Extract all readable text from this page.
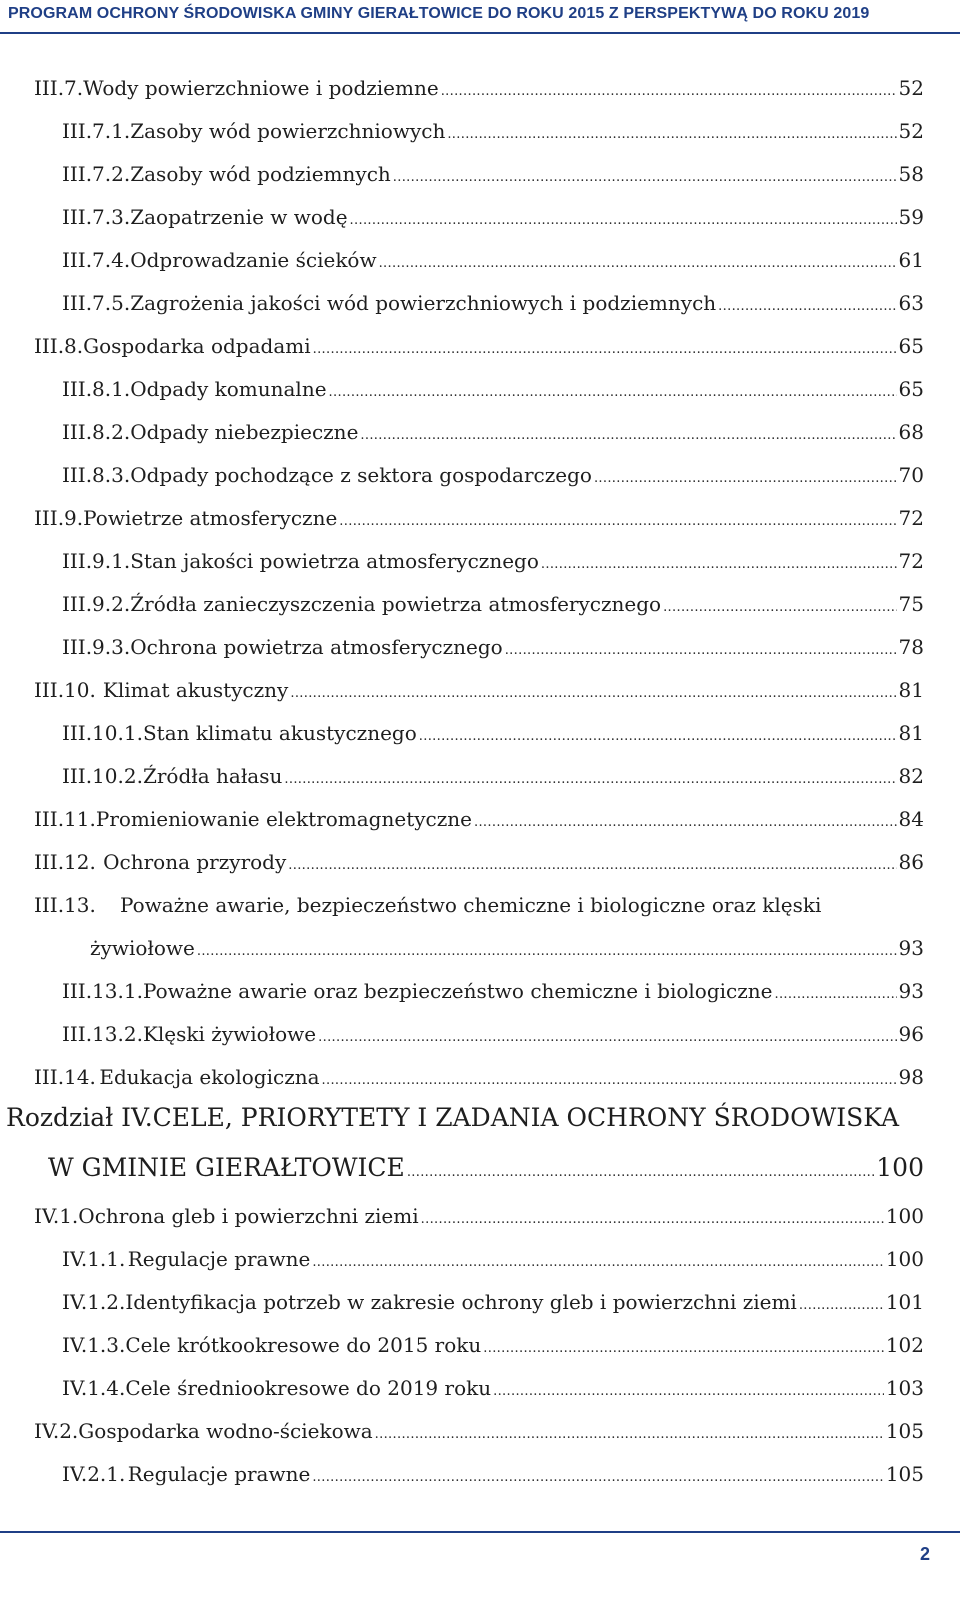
PROGRAM OCHRONY ŚRODOWISKA GMINY GIERAŁTOWICE DO ROKU 2015 Z PERSPEKTYWĄ DO ROKU 2019
III.7. Wody powierzchniowe i podziemne . . .	52
III.7.1. Zasoby wód powierzchniowych . . .	52
III.7.2. Zasoby wód podziemnych . . .	58
III.7.3. Zaopatrzenie w wodę . . .	59
III.7.4. Odprowadzanie ścieków . . .	61
III.7.5. Zagrożenia jakości wód powierzchniowych i podziemnych . . .	63
III.8. Gospodarka odpadami . . .	65
III.8.1. Odpady komunalne . . .	65
III.8.2. Odpady niebezpieczne . . .	68
III.8.3. Odpady pochodzące z sektora gospodarczego . . .	70
III.9. Powietrze atmosferyczne . . .	72
III.9.1. Stan jakości powietrza atmosferycznego . . .	72
III.9.2. Źródła zanieczyszczenia powietrza atmosferycznego . . .	75
III.9.3. Ochrona powietrza atmosferycznego . . .	78
III.10. Klimat akustyczny . . .	81
III.10.1. Stan klimatu akustycznego . . .	81
III.10.2. Źródła hałasu . . .	82
III.11. Promieniowanie elektromagnetyczne . . .	84
III.12. Ochrona przyrody . . .	86
III.13. Poważne awarie, bezpieczeństwo chemiczne i biologiczne oraz klęski
żywiołowe . . .	93
III.13.1. Poważne awarie oraz bezpieczeństwo chemiczne i biologiczne . . .	93
III.13.2. Klęski żywiołowe . . .	96
III.14. Edukacja ekologiczna . . .	98
Rozdział IV.CELE, PRIORYTETY I ZADANIA OCHRONY ŚRODOWISKA
W GMINIE GIERAŁTOWICE . . .	100
IV.1. Ochrona gleb i powierzchni ziemi . . .	100
IV.1.1. Regulacje prawne . . .	100
IV.1.2. Identyfikacja potrzeb w zakresie ochrony gleb i powierzchni ziemi . . .	101
IV.1.3. Cele krótkookresowe do 2015 roku . . .	102
IV.1.4. Cele średniookresowe do 2019 roku . . .	103
IV.2. Gospodarka wodno-ściekowa . . .	105
IV.2.1. Regulacje prawne . . .	105
2
